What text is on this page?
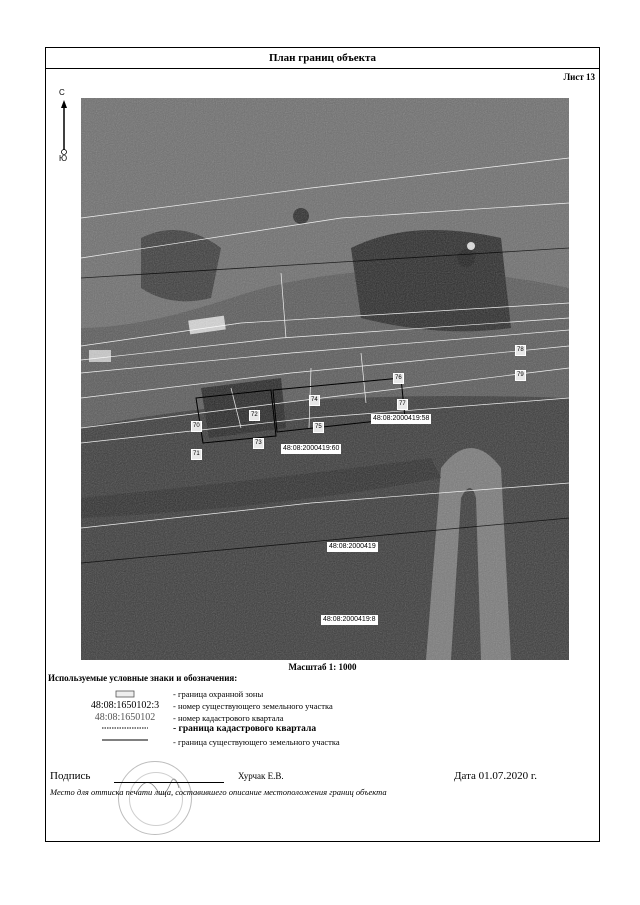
План границ объекта
Лист 13
С
Ю
70
71
72
73
74
75
76
77
78
79
48:08:2000419:58
48:08:2000419:60
48:08:2000419
48:08:2000419:8
Масштаб 1: 1000
Используемые условные знаки и обозначения:
- граница охранной зоны
48:08:1650102:3	- номер существующего земельного участка
48:08:1650102	- номер кадастрового квартала
- граница кадастрового квартала
- граница существующего земельного участка
Подпись	Хурчак Е.В.	Дата 01.07.2020 г.
Место для оттиска печати лица, составившего описание местоположения границ объекта
